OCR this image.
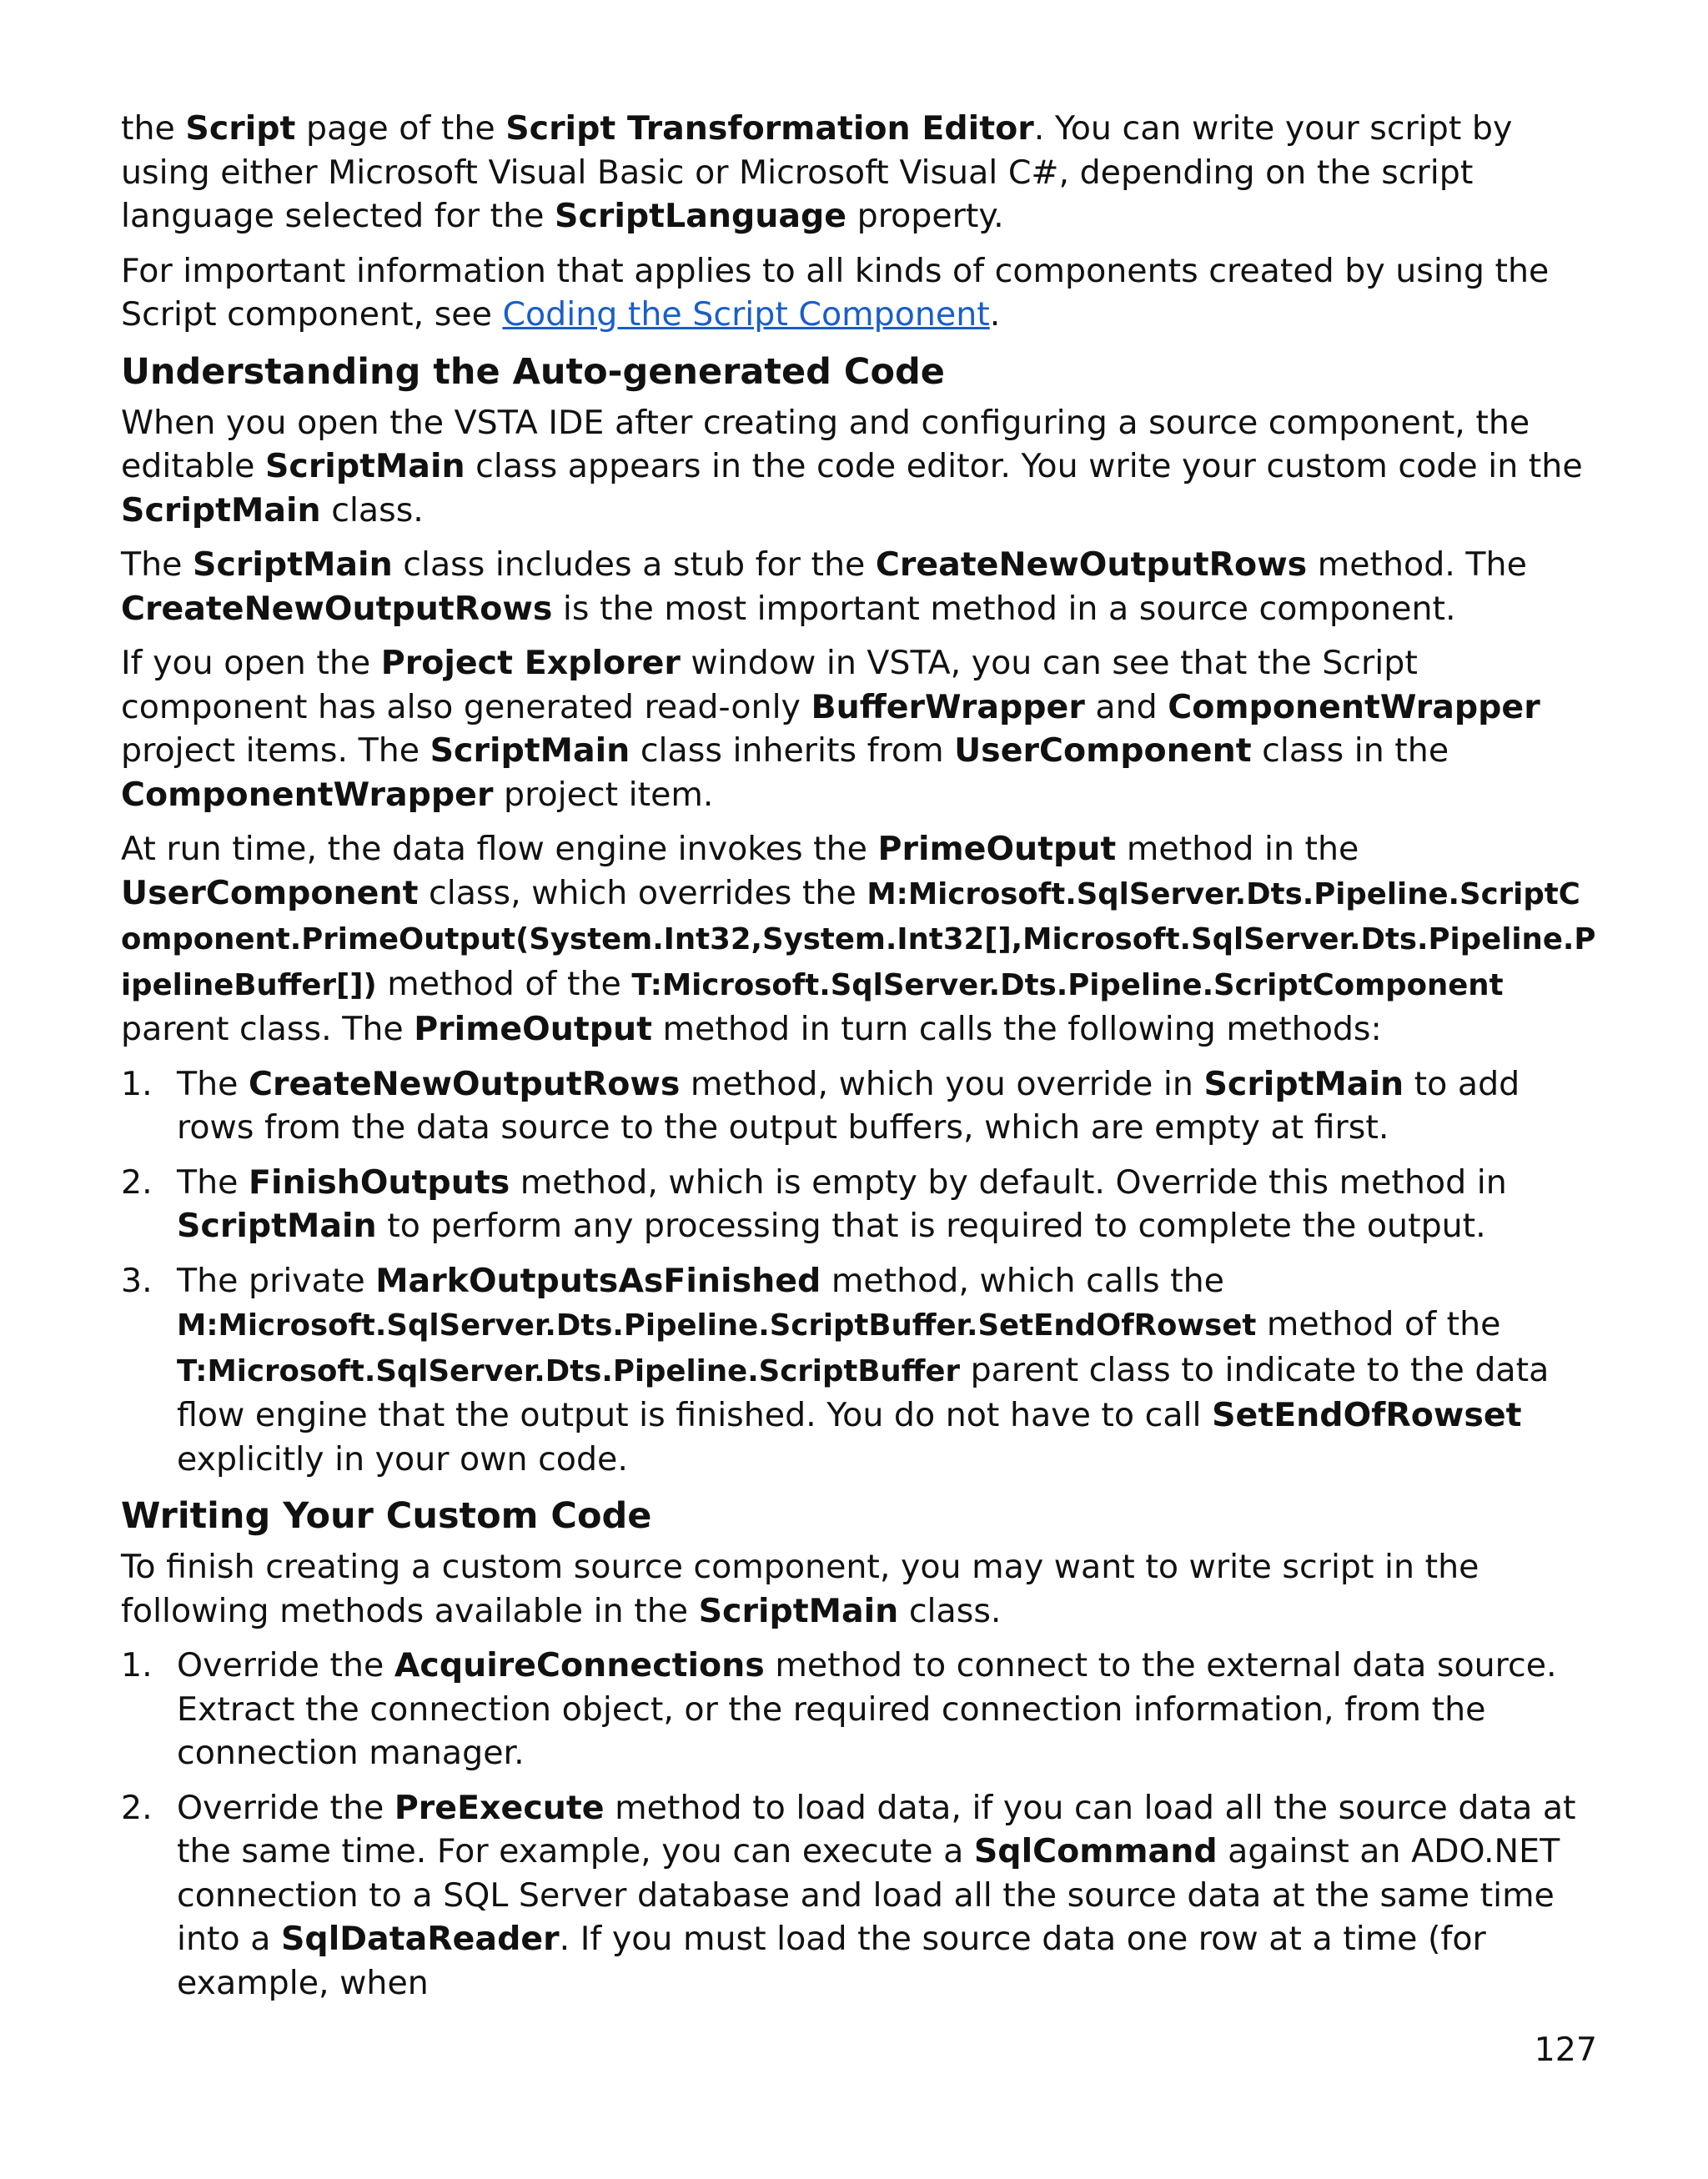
the Script page of the Script Transformation Editor. You can write your script by using either Microsoft Visual Basic or Microsoft Visual C#, depending on the script language selected for the ScriptLanguage property.

For important information that applies to all kinds of components created by using the Script component, see Coding the Script Component.

Understanding the Auto-generated Code

When you open the VSTA IDE after creating and configuring a source component, the editable ScriptMain class appears in the code editor. You write your custom code in the ScriptMain class.

The ScriptMain class includes a stub for the CreateNewOutputRows method. The CreateNewOutputRows is the most important method in a source component.

If you open the Project Explorer window in VSTA, you can see that the Script component has also generated read-only BufferWrapper and ComponentWrapper project items. The ScriptMain class inherits from UserComponent class in the ComponentWrapper project item.

At run time, the data flow engine invokes the PrimeOutput method in the UserComponent class, which overrides the M:Microsoft.SqlServer.Dts.Pipeline.ScriptComponent.PrimeOutput(System.Int32,System.Int32[],Microsoft.SqlServer.Dts.Pipeline.PipelineBuffer[]) method of the T:Microsoft.SqlServer.Dts.Pipeline.ScriptComponent parent class. The PrimeOutput method in turn calls the following methods:

1. The CreateNewOutputRows method, which you override in ScriptMain to add rows from the data source to the output buffers, which are empty at first.
2. The FinishOutputs method, which is empty by default. Override this method in ScriptMain to perform any processing that is required to complete the output.
3. The private MarkOutputsAsFinished method, which calls the M:Microsoft.SqlServer.Dts.Pipeline.ScriptBuffer.SetEndOfRowset method of the T:Microsoft.SqlServer.Dts.Pipeline.ScriptBuffer parent class to indicate to the data flow engine that the output is finished. You do not have to call SetEndOfRowset explicitly in your own code.
Writing Your Custom Code

To finish creating a custom source component, you may want to write script in the following methods available in the ScriptMain class.

1. Override the AcquireConnections method to connect to the external data source. Extract the connection object, or the required connection information, from the connection manager.
2. Override the PreExecute method to load data, if you can load all the source data at the same time. For example, you can execute a SqlCommand against an ADO.NET connection to a SQL Server database and load all the source data at the same time into a SqlDataReader. If you must load the source data one row at a time (for example, when
127
